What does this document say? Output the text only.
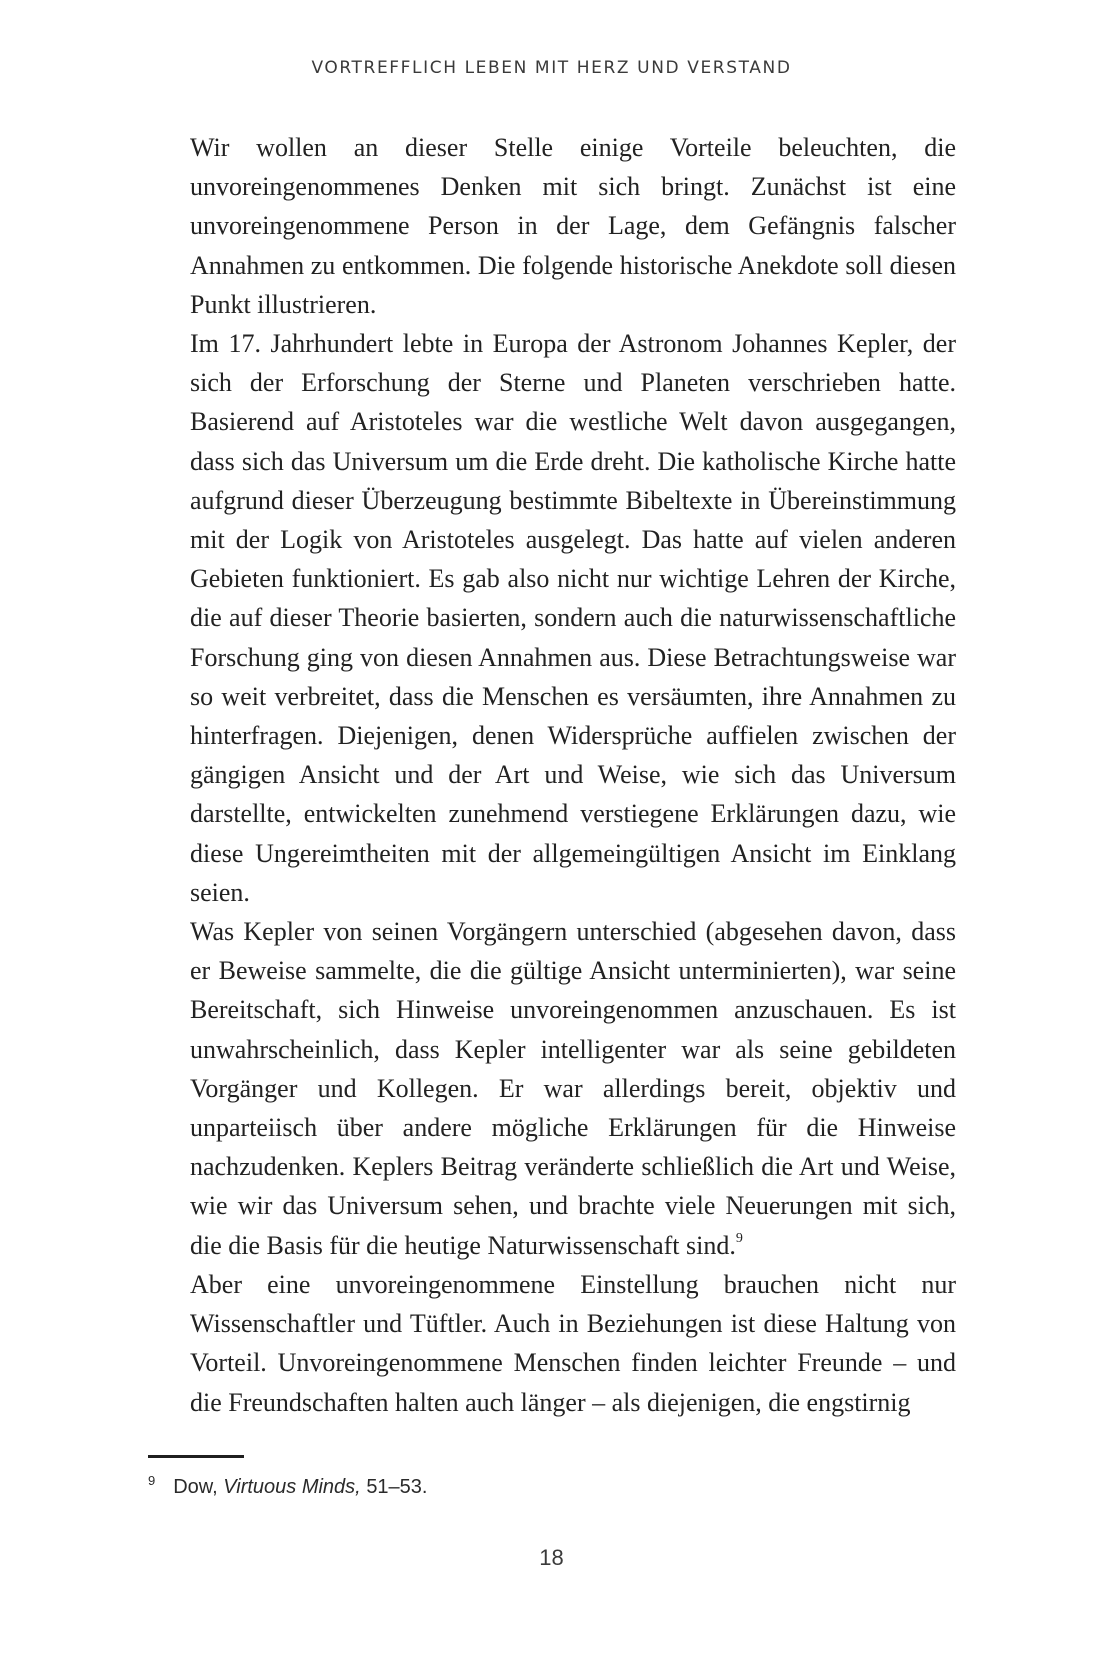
VORTREFFLICH LEBEN MIT HERZ UND VERSTAND

Wir wollen an dieser Stelle einige Vorteile beleuchten, die unvoreingenommenes Denken mit sich bringt. Zunächst ist eine unvoreingenommene Person in der Lage, dem Gefängnis falscher Annahmen zu entkommen. Die folgende historische Anekdote soll diesen Punkt illustrieren.

Im 17. Jahrhundert lebte in Europa der Astronom Johannes Kepler, der sich der Erforschung der Sterne und Planeten verschrieben hatte. Basierend auf Aristoteles war die westliche Welt davon ausgegangen, dass sich das Universum um die Erde dreht. Die katholische Kirche hatte aufgrund dieser Überzeugung bestimmte Bibeltexte in Übereinstimmung mit der Logik von Aristoteles ausgelegt. Das hatte auf vielen anderen Gebieten funktioniert. Es gab also nicht nur wichtige Lehren der Kirche, die auf dieser Theorie basierten, sondern auch die naturwissenschaftliche Forschung ging von diesen Annahmen aus. Diese Betrachtungsweise war so weit verbreitet, dass die Menschen es versäumten, ihre Annahmen zu hinterfragen. Diejenigen, denen Widersprüche auffielen zwischen der gängigen Ansicht und der Art und Weise, wie sich das Universum darstellte, entwickelten zunehmend verstiegene Erklärungen dazu, wie diese Ungereimtheiten mit der allgemeingültigen Ansicht im Einklang seien.

Was Kepler von seinen Vorgängern unterschied (abgesehen davon, dass er Beweise sammelte, die die gültige Ansicht unterminierten), war seine Bereitschaft, sich Hinweise unvoreingenommen anzuschauen. Es ist unwahrscheinlich, dass Kepler intelligenter war als seine gebildeten Vorgänger und Kollegen. Er war allerdings bereit, objektiv und unparteiisch über andere mögliche Erklärungen für die Hinweise nachzudenken. Keplers Beitrag veränderte schließlich die Art und Weise, wie wir das Universum sehen, und brachte viele Neuerungen mit sich, die die Basis für die heutige Naturwissenschaft sind.$^9$

Aber eine unvoreingenommene Einstellung brauchen nicht nur Wissenschaftler und Tüftler. Auch in Beziehungen ist diese Haltung von Vorteil. Unvoreingenommene Menschen finden leichter Freunde – und die Freundschaften halten auch länger – als diejenigen, die engstirnig

$^9$ Dow, Virtuous Minds, 51–53.
18
